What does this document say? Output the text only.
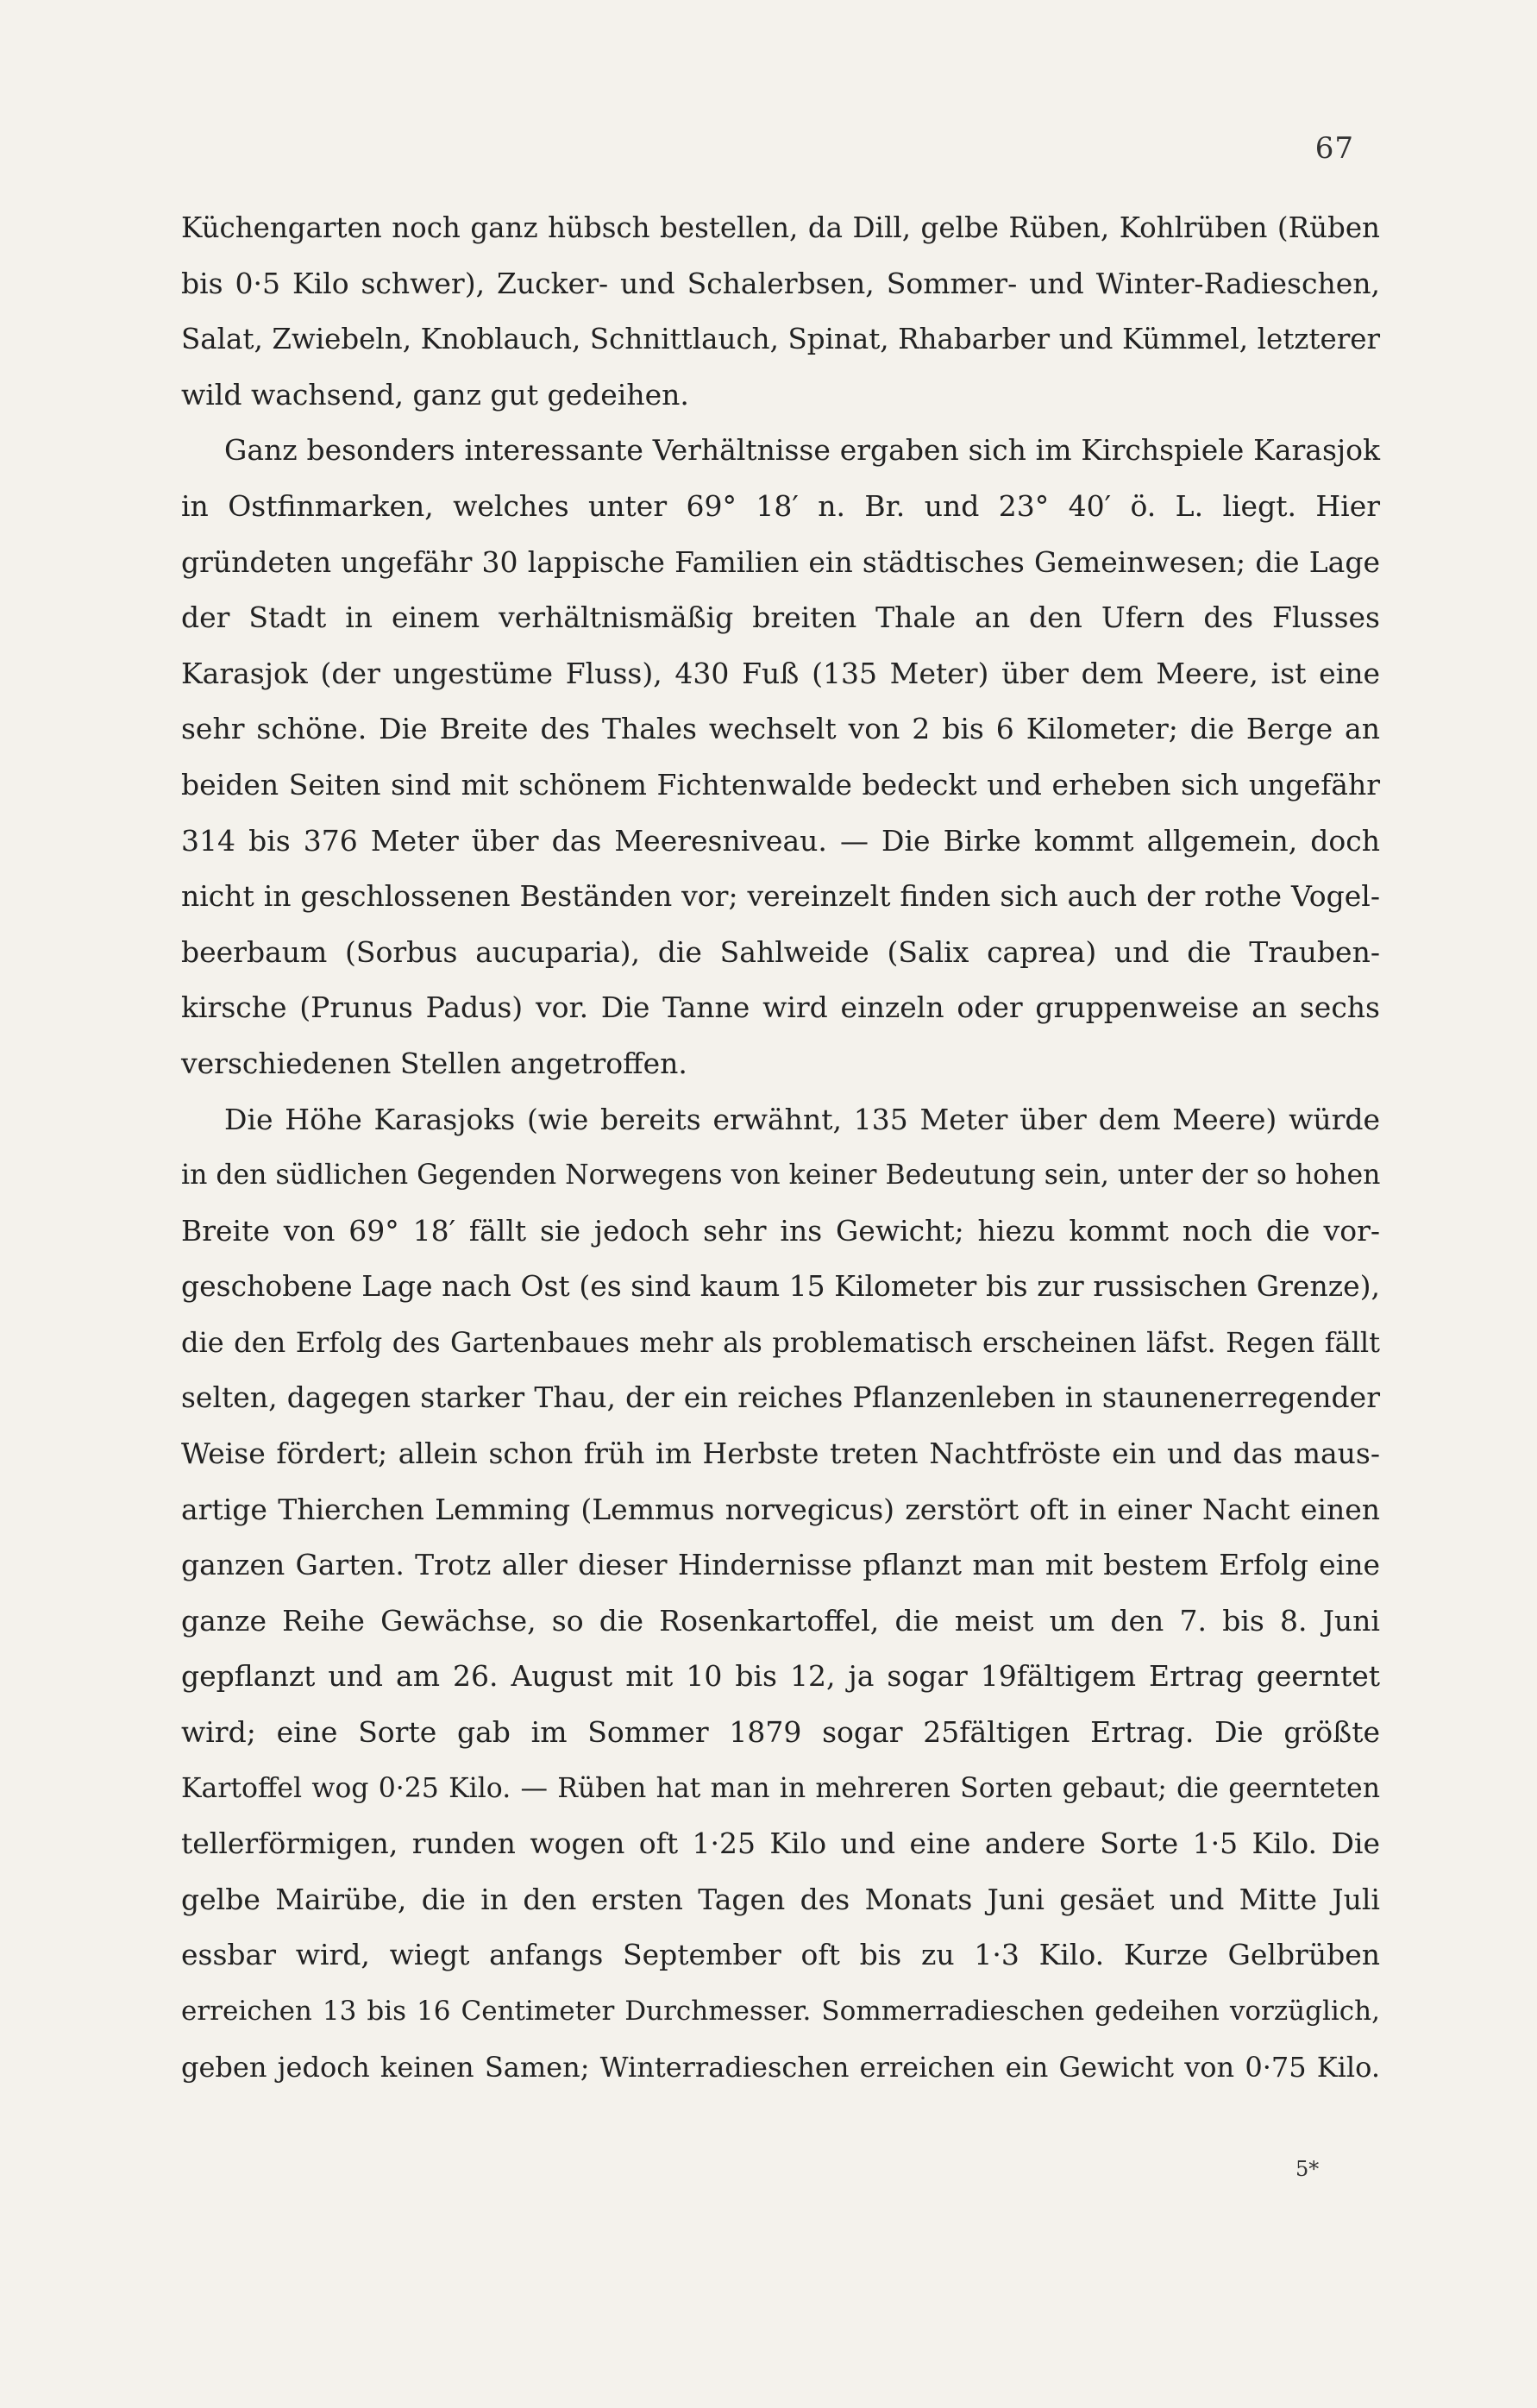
67
Küchengarten noch ganz hübsch bestellen, da Dill, gelbe Rüben, Kohlrüben (Rüben
bis 0·5 Kilo schwer), Zucker- und Schalerbsen, Sommer- und Winter-Radieschen,
Salat, Zwiebeln, Knoblauch, Schnittlauch, Spinat, Rhabarber und Kümmel, letzterer
wild wachsend, ganz gut gedeihen.
Ganz besonders interessante Verhältnisse ergaben sich im Kirchspiele Karasjok
in Ostfinmarken, welches unter 69° 18′ n. Br. und 23° 40′ ö. L. liegt. Hier
gründeten ungefähr 30 lappische Familien ein städtisches Gemeinwesen; die Lage
der Stadt in einem verhältnismäßig breiten Thale an den Ufern des Flusses
Karasjok (der ungestüme Fluss), 430 Fuß (135 Meter) über dem Meere, ist eine
sehr schöne. Die Breite des Thales wechselt von 2 bis 6 Kilometer; die Berge an
beiden Seiten sind mit schönem Fichtenwalde bedeckt und erheben sich ungefähr
314 bis 376 Meter über das Meeresniveau. — Die Birke kommt allgemein, doch
nicht in geschlossenen Beständen vor; vereinzelt finden sich auch der rothe Vogel-
beerbaum (Sorbus aucuparia), die Sahlweide (Salix caprea) und die Trauben-
kirsche (Prunus Padus) vor. Die Tanne wird einzeln oder gruppenweise an sechs
verschiedenen Stellen angetroffen.
Die Höhe Karasjoks (wie bereits erwähnt, 135 Meter über dem Meere) würde
in den südlichen Gegenden Norwegens von keiner Bedeutung sein, unter der so hohen
Breite von 69° 18′ fällt sie jedoch sehr ins Gewicht; hiezu kommt noch die vor-
geschobene Lage nach Ost (es sind kaum 15 Kilometer bis zur russischen Grenze),
die den Erfolg des Gartenbaues mehr als problematisch erscheinen läfst. Regen fällt
selten, dagegen starker Thau, der ein reiches Pflanzenleben in staunenerregender
Weise fördert; allein schon früh im Herbste treten Nachtfröste ein und das maus-
artige Thierchen Lemming (Lemmus norvegicus) zerstört oft in einer Nacht einen
ganzen Garten. Trotz aller dieser Hindernisse pflanzt man mit bestem Erfolg eine
ganze Reihe Gewächse, so die Rosenkartoffel, die meist um den 7. bis 8. Juni
gepflanzt und am 26. August mit 10 bis 12, ja sogar 19fältigem Ertrag geerntet
wird; eine Sorte gab im Sommer 1879 sogar 25fältigen Ertrag. Die größte
Kartoffel wog 0·25 Kilo. — Rüben hat man in mehreren Sorten gebaut; die geernteten
tellerförmigen, runden wogen oft 1·25 Kilo und eine andere Sorte 1·5 Kilo. Die
gelbe Mairübe, die in den ersten Tagen des Monats Juni gesäet und Mitte Juli
essbar wird, wiegt anfangs September oft bis zu 1·3 Kilo. Kurze Gelbrüben
erreichen 13 bis 16 Centimeter Durchmesser. Sommerradieschen gedeihen vorzüglich,
geben jedoch keinen Samen; Winterradieschen erreichen ein Gewicht von 0·75 Kilo.
5*
